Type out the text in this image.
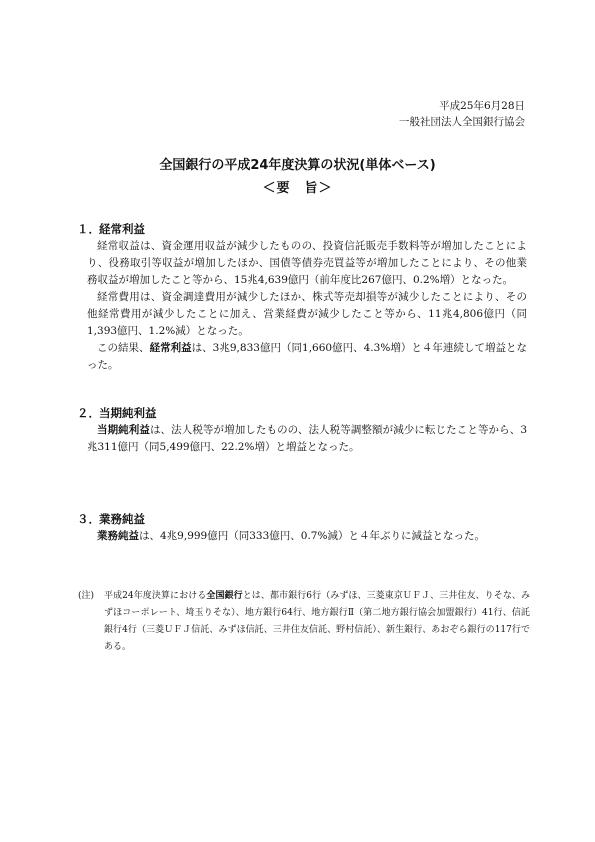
平成25年6月28日
一般社団法人全国銀行協会
全国銀行の平成24年度決算の状況(単体ベース)
＜要　旨＞
１．経常利益

経常収益は、資金運用収益が減少したものの、投資信託販売手数料等が増加したことにより、役務取引等収益が増加したほか、国債等債券売買益等が増加したことにより、その他業務収益が増加したこと等から、15兆4,639億円（前年度比267億円、0.2%増）となった。

経常費用は、資金調達費用が減少したほか、株式等売却損等が減少したことにより、その他経常費用が減少したことに加え、営業経費が減少したこと等から、11兆4,806億円（同1,393億円、1.2%減）となった。

この結果、経常利益は、3兆9,833億円（同1,660億円、4.3%増）と４年連続して増益となった。

２．当期純利益

当期純利益は、法人税等が増加したものの、法人税等調整額が減少に転じたこと等から、3兆311億円（同5,499億円、22.2%増）と増益となった。

３．業務純益

業務純益は、4兆9,999億円（同333億円、0.7%減）と４年ぶりに減益となった。

(注)	平成24年度決算における全国銀行とは、都市銀行6行（みずほ、三菱東京ＵＦＪ、三井住友、りそな、みずほコーポレート、埼玉りそな）、地方銀行64行、地方銀行Ⅱ（第二地方銀行協会加盟銀行）41行、信託銀行4行（三菱ＵＦＪ信託、みずほ信託、三井住友信託、野村信託）、新生銀行、あおぞら銀行の117行である。
